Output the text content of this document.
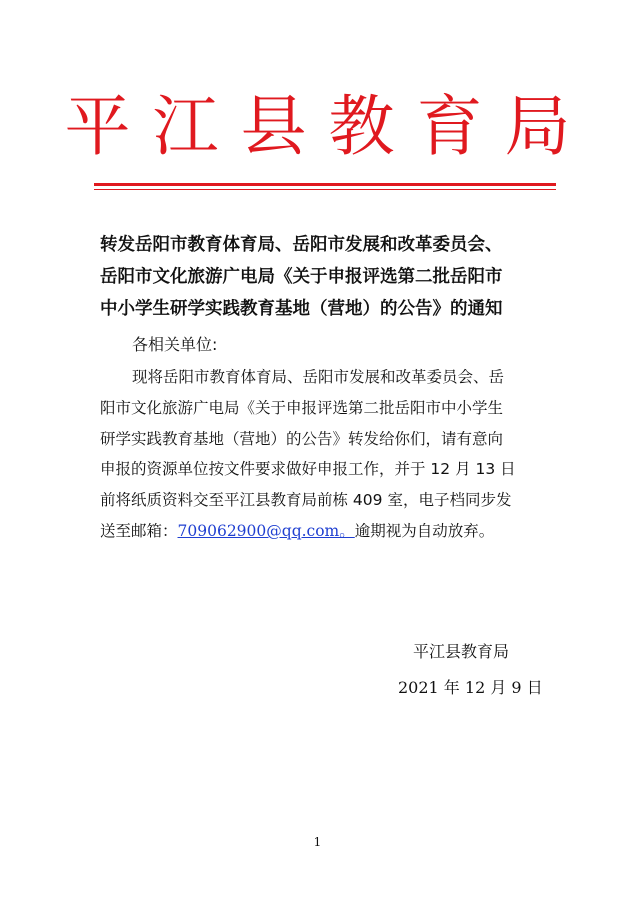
平江县教育局
转发岳阳市教育体育局、岳阳市发展和改革委员会、
岳阳市文化旅游广电局《关于申报评选第二批岳阳市
中小学生研学实践教育基地（营地）的公告》的通知
各相关单位:
现将岳阳市教育体育局、岳阳市发展和改革委员会、岳
阳市文化旅游广电局《关于申报评选第二批岳阳市中小学生
研学实践教育基地（营地）的公告》转发给你们，请有意向
申报的资源单位按文件要求做好申报工作，并于 12 月 13 日
前将纸质资料交至平江县教育局前栋 409 室，电子档同步发
送至邮箱：709062900@qq.com。逾期视为自动放弃。
平江县教育局
2021 年 12 月 9 日
1
